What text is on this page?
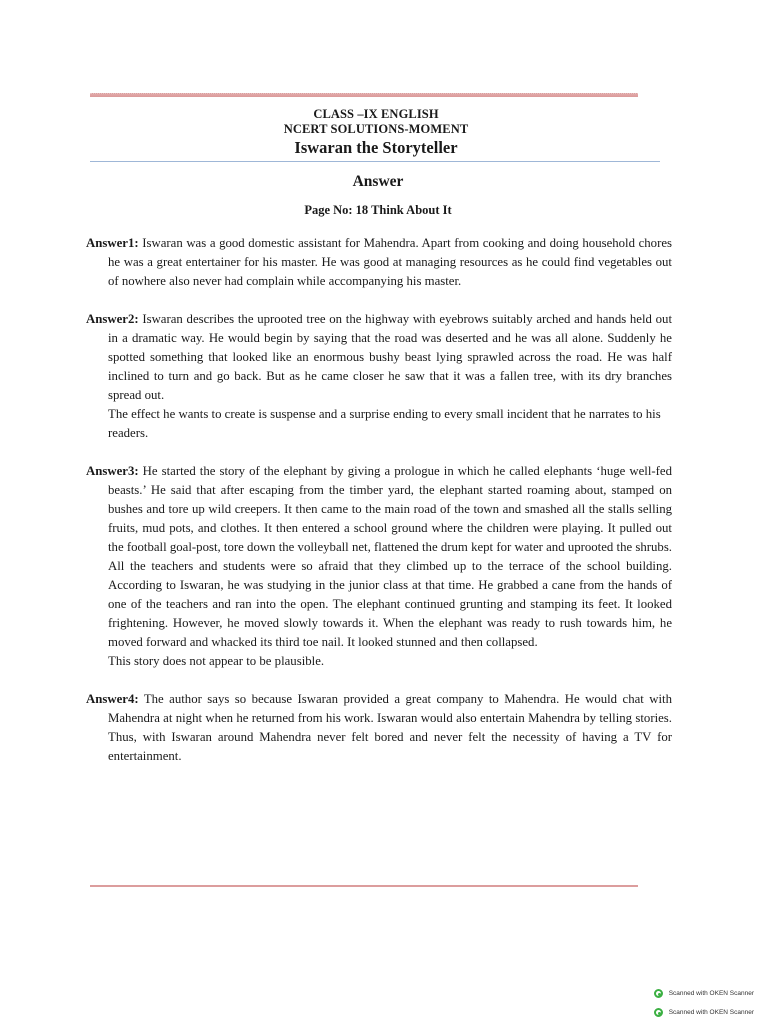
CLASS –IX ENGLISH
NCERT SOLUTIONS-MOMENT
Iswaran the Storyteller
Answer
Page No: 18 Think About It

Answer1: Iswaran was a good domestic assistant for Mahendra. Apart from cooking and doing household chores he was a great entertainer for his master. He was good at managing resources as he could find vegetables out of nowhere also never had complain while accompanying his master.

Answer2: Iswaran describes the uprooted tree on the highway with eyebrows suitably arched and hands held out in a dramatic way. He would begin by saying that the road was deserted and he was all alone. Suddenly he spotted something that looked like an enormous bushy beast lying sprawled across the road. He was half inclined to turn and go back. But as he came closer he saw that it was a fallen tree, with its dry branches spread out.

The effect he wants to create is suspense and a surprise ending to every small incident that he narrates to his readers.

Answer3: He started the story of the elephant by giving a prologue in which he called elephants ‘huge well-fed beasts.’ He said that after escaping from the timber yard, the elephant started roaming about, stamped on bushes and tore up wild creepers. It then came to the main road of the town and smashed all the stalls selling fruits, mud pots, and clothes. It then entered a school ground where the children were playing. It pulled out the football goal-post, tore down the volleyball net, flattened the drum kept for water and uprooted the shrubs. All the teachers and students were so afraid that they climbed up to the terrace of the school building. According to Iswaran, he was studying in the junior class at that time. He grabbed a cane from the hands of one of the teachers and ran into the open. The elephant continued grunting and stamping its feet. It looked frightening. However, he moved slowly towards it. When the elephant was ready to rush towards him, he moved forward and whacked its third toe nail. It looked stunned and then collapsed.

This story does not appear to be plausible.

Answer4: The author says so because Iswaran provided a great company to Mahendra. He would chat with Mahendra at night when he returned from his work. Iswaran would also entertain Mahendra by telling stories. Thus, with Iswaran around Mahendra never felt bored and never felt the necessity of having a TV for entertainment.

Scanned with OKEN Scanner
Scanned with OKEN Scanner
